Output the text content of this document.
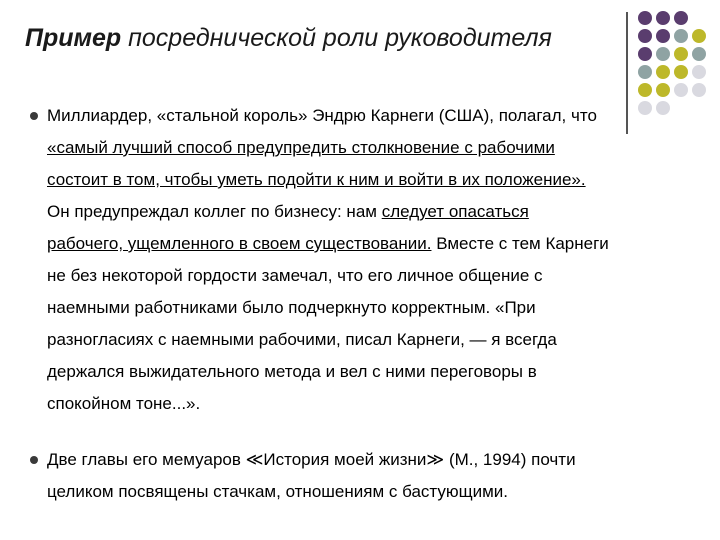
Пример посреднической роли руководителя
Миллиардер, «стальной король» Эндрю Карнеги (США), полагал, что
«самый лучший способ предупредить столкновение с рабочими
состоит в том, чтобы уметь подойти к ним и войти в их положение».
Он предупреждал коллег по бизнесу: нам следует опасаться
рабочего, ущемленного в своем существовании. Вместе с тем Карнеги
не без некоторой гордости замечал, что его личное общение с
наемными работниками было подчеркнуто корректным. «При
разногласиях с наемными рабочими, писал Карнеги, — я всегда
держался выжидательного метода и вел с ними переговоры в
спокойном тоне...».
Две главы его мемуаров ≪История моей жизни≫ (М., 1994) почти
целиком посвящены стачкам, отношениям с бастующими.
